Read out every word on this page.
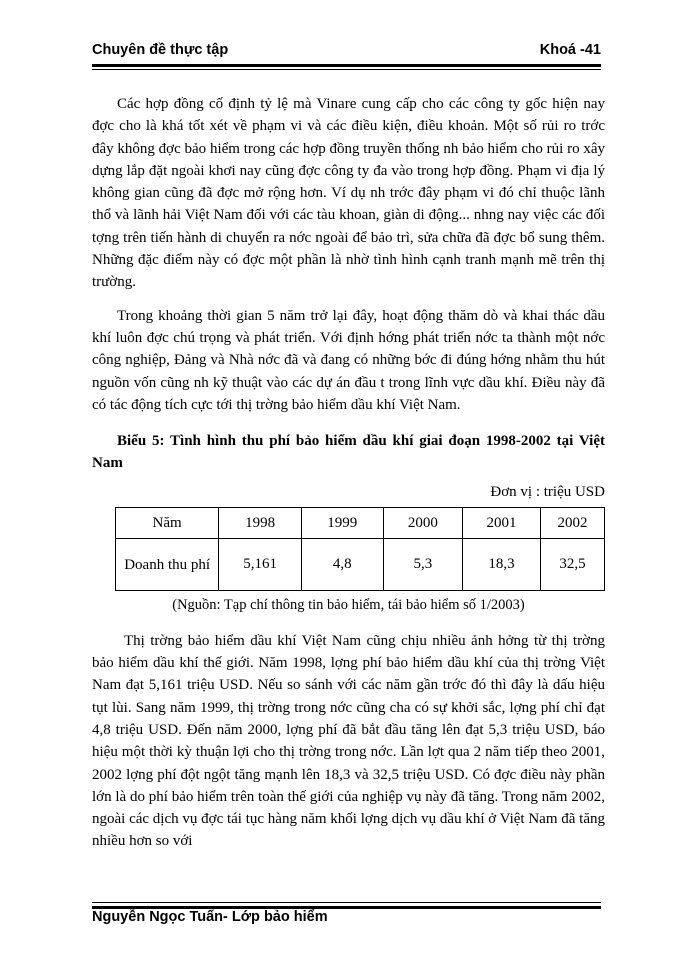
Chuyên đề thực tập	Khoá -41

Các hợp đồng cố định tỷ lệ mà Vinare cung cấp cho các công ty gốc hiện nay đợc cho là khá tốt xét về phạm vi và các điều kiện, điều khoản. Một số rủi ro trớc đây không đợc bảo hiểm trong các hợp đồng truyền thống nh bảo hiểm cho rủi ro xây dựng lắp đặt ngoài khơi nay cũng đợc công ty đa vào trong hợp đồng. Phạm vi địa lý không gian cũng đã đợc mở rộng hơn. Ví dụ nh trớc đây phạm vi đó chỉ thuộc lãnh thổ và lãnh hải Việt Nam đối với các tàu khoan, giàn di động... nhng nay việc các đối tợng trên tiến hành di chuyển ra nớc ngoài để bảo trì, sửa chữa đã đợc bổ sung thêm. Những đặc điểm này có đợc một phần là nhờ tình hình cạnh tranh mạnh mẽ trên thị trường.

Trong khoảng thời gian 5 năm trở lại đây, hoạt động thăm dò và khai thác dầu khí luôn đợc chú trọng và phát triển. Với định hớng phát triển nớc ta thành một nớc công nghiệp, Đảng và Nhà nớc đã và đang có những bớc đi đúng hớng nhằm thu hút nguồn vốn cũng nh kỹ thuật vào các dự án đầu t trong lĩnh vực dầu khí. Điều này đã có tác động tích cực tới thị trờng bảo hiểm dầu khí Việt Nam.

Biểu 5: Tình hình thu phí bảo hiểm dầu khí giai đoạn 1998-2002 tại Việt Nam

Đơn vị : triệu USD

Năm	1998	1999	2000	2001	2002
Doanh thu phí	5,161	4,8	5,3	18,3	32,5

(Nguồn: Tạp chí thông tin bảo hiểm, tái bảo hiểm số 1/2003)

Thị trờng bảo hiểm dầu khí Việt Nam cũng chịu nhiều ảnh hởng từ thị trờng bảo hiểm dầu khí thế giới. Năm 1998, lợng phí bảo hiểm dầu khí của thị trờng Việt Nam đạt 5,161 triệu USD. Nếu so sánh với các năm gần trớc đó thì đây là dấu hiệu tụt lùi. Sang năm 1999, thị trờng trong nớc cũng cha có sự khởi sắc, lợng phí chỉ đạt 4,8 triệu USD. Đến năm 2000, lợng phí đã bắt đầu tăng lên đạt 5,3 triệu USD, báo hiệu một thời kỳ thuận lợi cho thị trờng trong nớc. Lần lợt qua 2 năm tiếp theo 2001, 2002 lợng phí đột ngột tăng mạnh lên 18,3 và 32,5 triệu USD. Có đợc điều này phần lớn là do phí bảo hiểm trên toàn thế giới của nghiệp vụ này đã tăng. Trong năm 2002, ngoài các dịch vụ đợc tái tục hàng năm khối lợng dịch vụ dầu khí ở Việt Nam đã tăng nhiều hơn so với

Nguyễn Ngọc Tuấn- Lớp bảo hiểm
